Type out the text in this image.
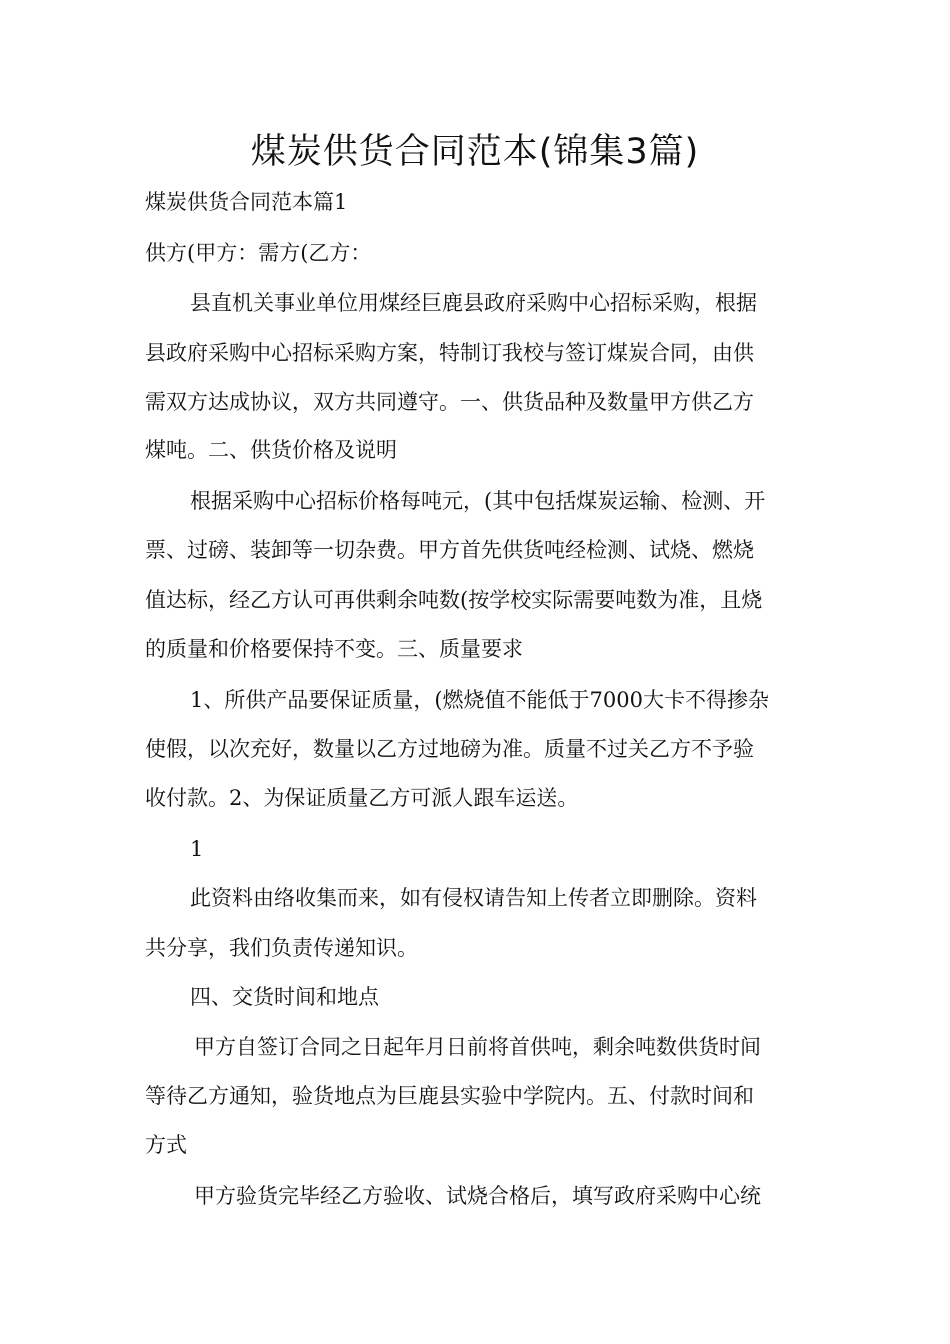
煤炭供货合同范本(锦集3篇)
煤炭供货合同范本篇1
供方(甲方：需方(乙方：
县直机关事业单位用煤经巨鹿县政府采购中心招标采购，根据
县政府采购中心招标采购方案，特制订我校与签订煤炭合同，由供
需双方达成协议，双方共同遵守。一、供货品种及数量甲方供乙方
煤吨。二、供货价格及说明
根据采购中心招标价格每吨元，(其中包括煤炭运输、检测、开
票、过磅、装卸等一切杂费。甲方首先供货吨经检测、试烧、燃烧
值达标，经乙方认可再供剩余吨数(按学校实际需要吨数为准，且烧
的质量和价格要保持不变。三、质量要求
1、所供产品要保证质量，(燃烧值不能低于7000大卡不得掺杂
使假，以次充好，数量以乙方过地磅为准。质量不过关乙方不予验
收付款。2、为保证质量乙方可派人跟车运送。
1
此资料由络收集而来，如有侵权请告知上传者立即删除。资料
共分享，我们负责传递知识。
四、交货时间和地点
甲方自签订合同之日起年月日前将首供吨，剩余吨数供货时间
等待乙方通知，验货地点为巨鹿县实验中学院内。五、付款时间和
方式
甲方验货完毕经乙方验收、试烧合格后，填写政府采购中心统
